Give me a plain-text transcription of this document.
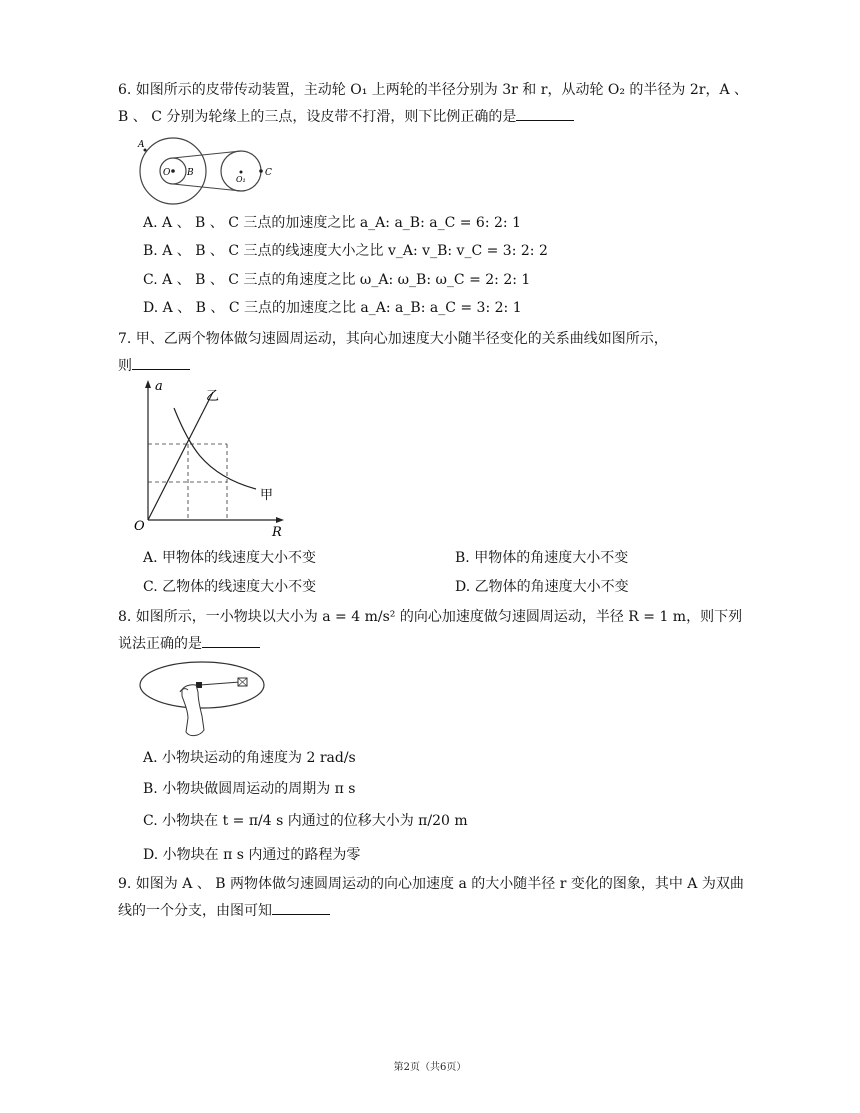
6. 如图所示的皮带传动装置，主动轮 O₁ 上两轮的半径分别为 3r 和 r，从动轮 O₂ 的半径为 2r，A 、
B 、 C 分别为轮缘上的三点，设皮带不打滑，则下比例正确的是
A
O B
O₁
C
A. A 、 B 、 C 三点的加速度之比 a_A: a_B: a_C = 6: 2: 1
B. A 、 B 、 C 三点的线速度大小之比 v_A: v_B: v_C = 3: 2: 2
C. A 、 B 、 C 三点的角速度之比 ω_A: ω_B: ω_C = 2: 2: 1
D. A 、 B 、 C 三点的加速度之比 a_A: a_B: a_C = 3: 2: 1
7. 甲、乙两个物体做匀速圆周运动，其向心加速度大小随半径变化的关系曲线如图所示，
则
a
R
O
乙
甲
A. 甲物体的线速度大小不变	B. 甲物体的角速度大小不变
C. 乙物体的线速度大小不变	D. 乙物体的角速度大小不变
8. 如图所示，一小物块以大小为 a = 4 m/s² 的向心加速度做匀速圆周运动，半径 R = 1 m，则下列
说法正确的是
A. 小物块运动的角速度为 2 rad/s
B. 小物块做圆周运动的周期为 π s
C. 小物块在 t = π/4 s 内通过的位移大小为 π/20 m
D. 小物块在 π s 内通过的路程为零
9. 如图为 A 、 B 两物体做匀速圆周运动的向心加速度 a 的大小随半径 r 变化的图象，其中 A 为双曲
线的一个分支，由图可知
第2页（共6页）
